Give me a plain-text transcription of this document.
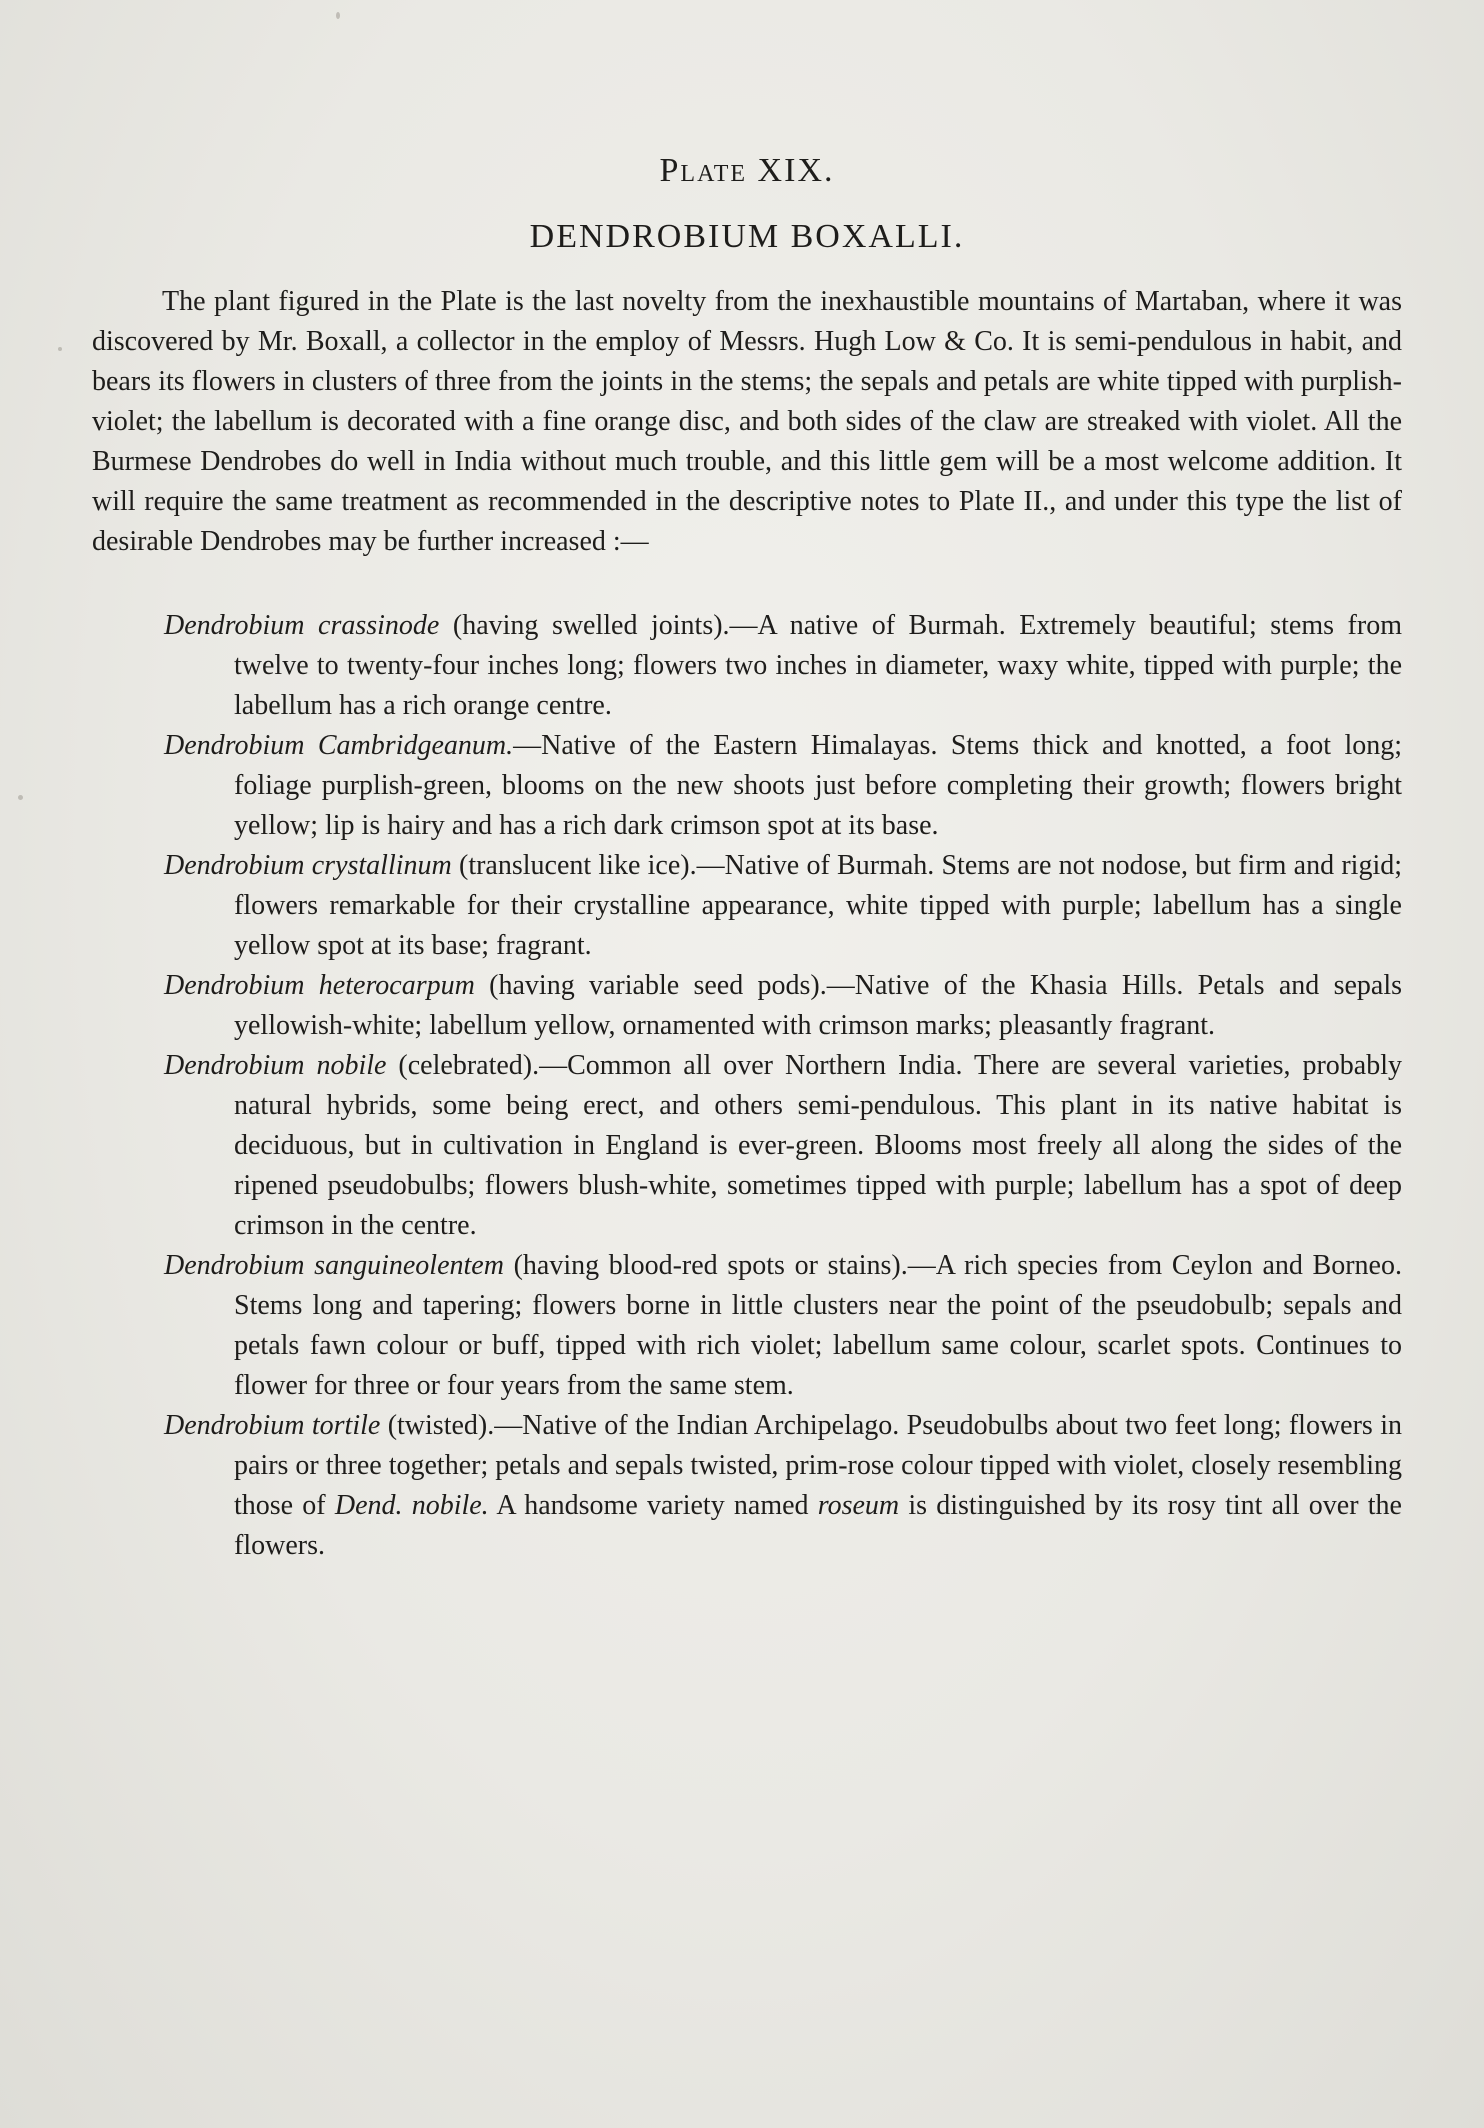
Plate XIX.
DENDROBIUM BOXALLI.

The plant figured in the Plate is the last novelty from the inexhaustible mountains of Martaban, where it was discovered by Mr. Boxall, a collector in the employ of Messrs. Hugh Low & Co. It is semi-pendulous in habit, and bears its flowers in clusters of three from the joints in the stems; the sepals and petals are white tipped with purplish-violet; the labellum is decorated with a fine orange disc, and both sides of the claw are streaked with violet. All the Burmese Dendrobes do well in India without much trouble, and this little gem will be a most welcome addition. It will require the same treatment as recommended in the descriptive notes to Plate II., and under this type the list of desirable Dendrobes may be further increased :—

Dendrobium crassinode (having swelled joints).—A native of Burmah. Extremely beautiful; stems from twelve to twenty-four inches long; flowers two inches in diameter, waxy white, tipped with purple; the labellum has a rich orange centre.
Dendrobium Cambridgeanum.—Native of the Eastern Himalayas. Stems thick and knotted, a foot long; foliage purplish-green, blooms on the new shoots just before completing their growth; flowers bright yellow; lip is hairy and has a rich dark crimson spot at its base.
Dendrobium crystallinum (translucent like ice).—Native of Burmah. Stems are not nodose, but firm and rigid; flowers remarkable for their crystalline appearance, white tipped with purple; labellum has a single yellow spot at its base; fragrant.
Dendrobium heterocarpum (having variable seed pods).—Native of the Khasia Hills. Petals and sepals yellowish-white; labellum yellow, ornamented with crimson marks; pleasantly fragrant.
Dendrobium nobile (celebrated).—Common all over Northern India. There are several varieties, probably natural hybrids, some being erect, and others semi-pendulous. This plant in its native habitat is deciduous, but in cultivation in England is ever-green. Blooms most freely all along the sides of the ripened pseudobulbs; flowers blush-white, sometimes tipped with purple; labellum has a spot of deep crimson in the centre.
Dendrobium sanguineolentem (having blood-red spots or stains).—A rich species from Ceylon and Borneo. Stems long and tapering; flowers borne in little clusters near the point of the pseudobulb; sepals and petals fawn colour or buff, tipped with rich violet; labellum same colour, scarlet spots. Continues to flower for three or four years from the same stem.
Dendrobium tortile (twisted).—Native of the Indian Archipelago. Pseudobulbs about two feet long; flowers in pairs or three together; petals and sepals twisted, prim-rose colour tipped with violet, closely resembling those of Dend. nobile. A handsome variety named roseum is distinguished by its rosy tint all over the flowers.
